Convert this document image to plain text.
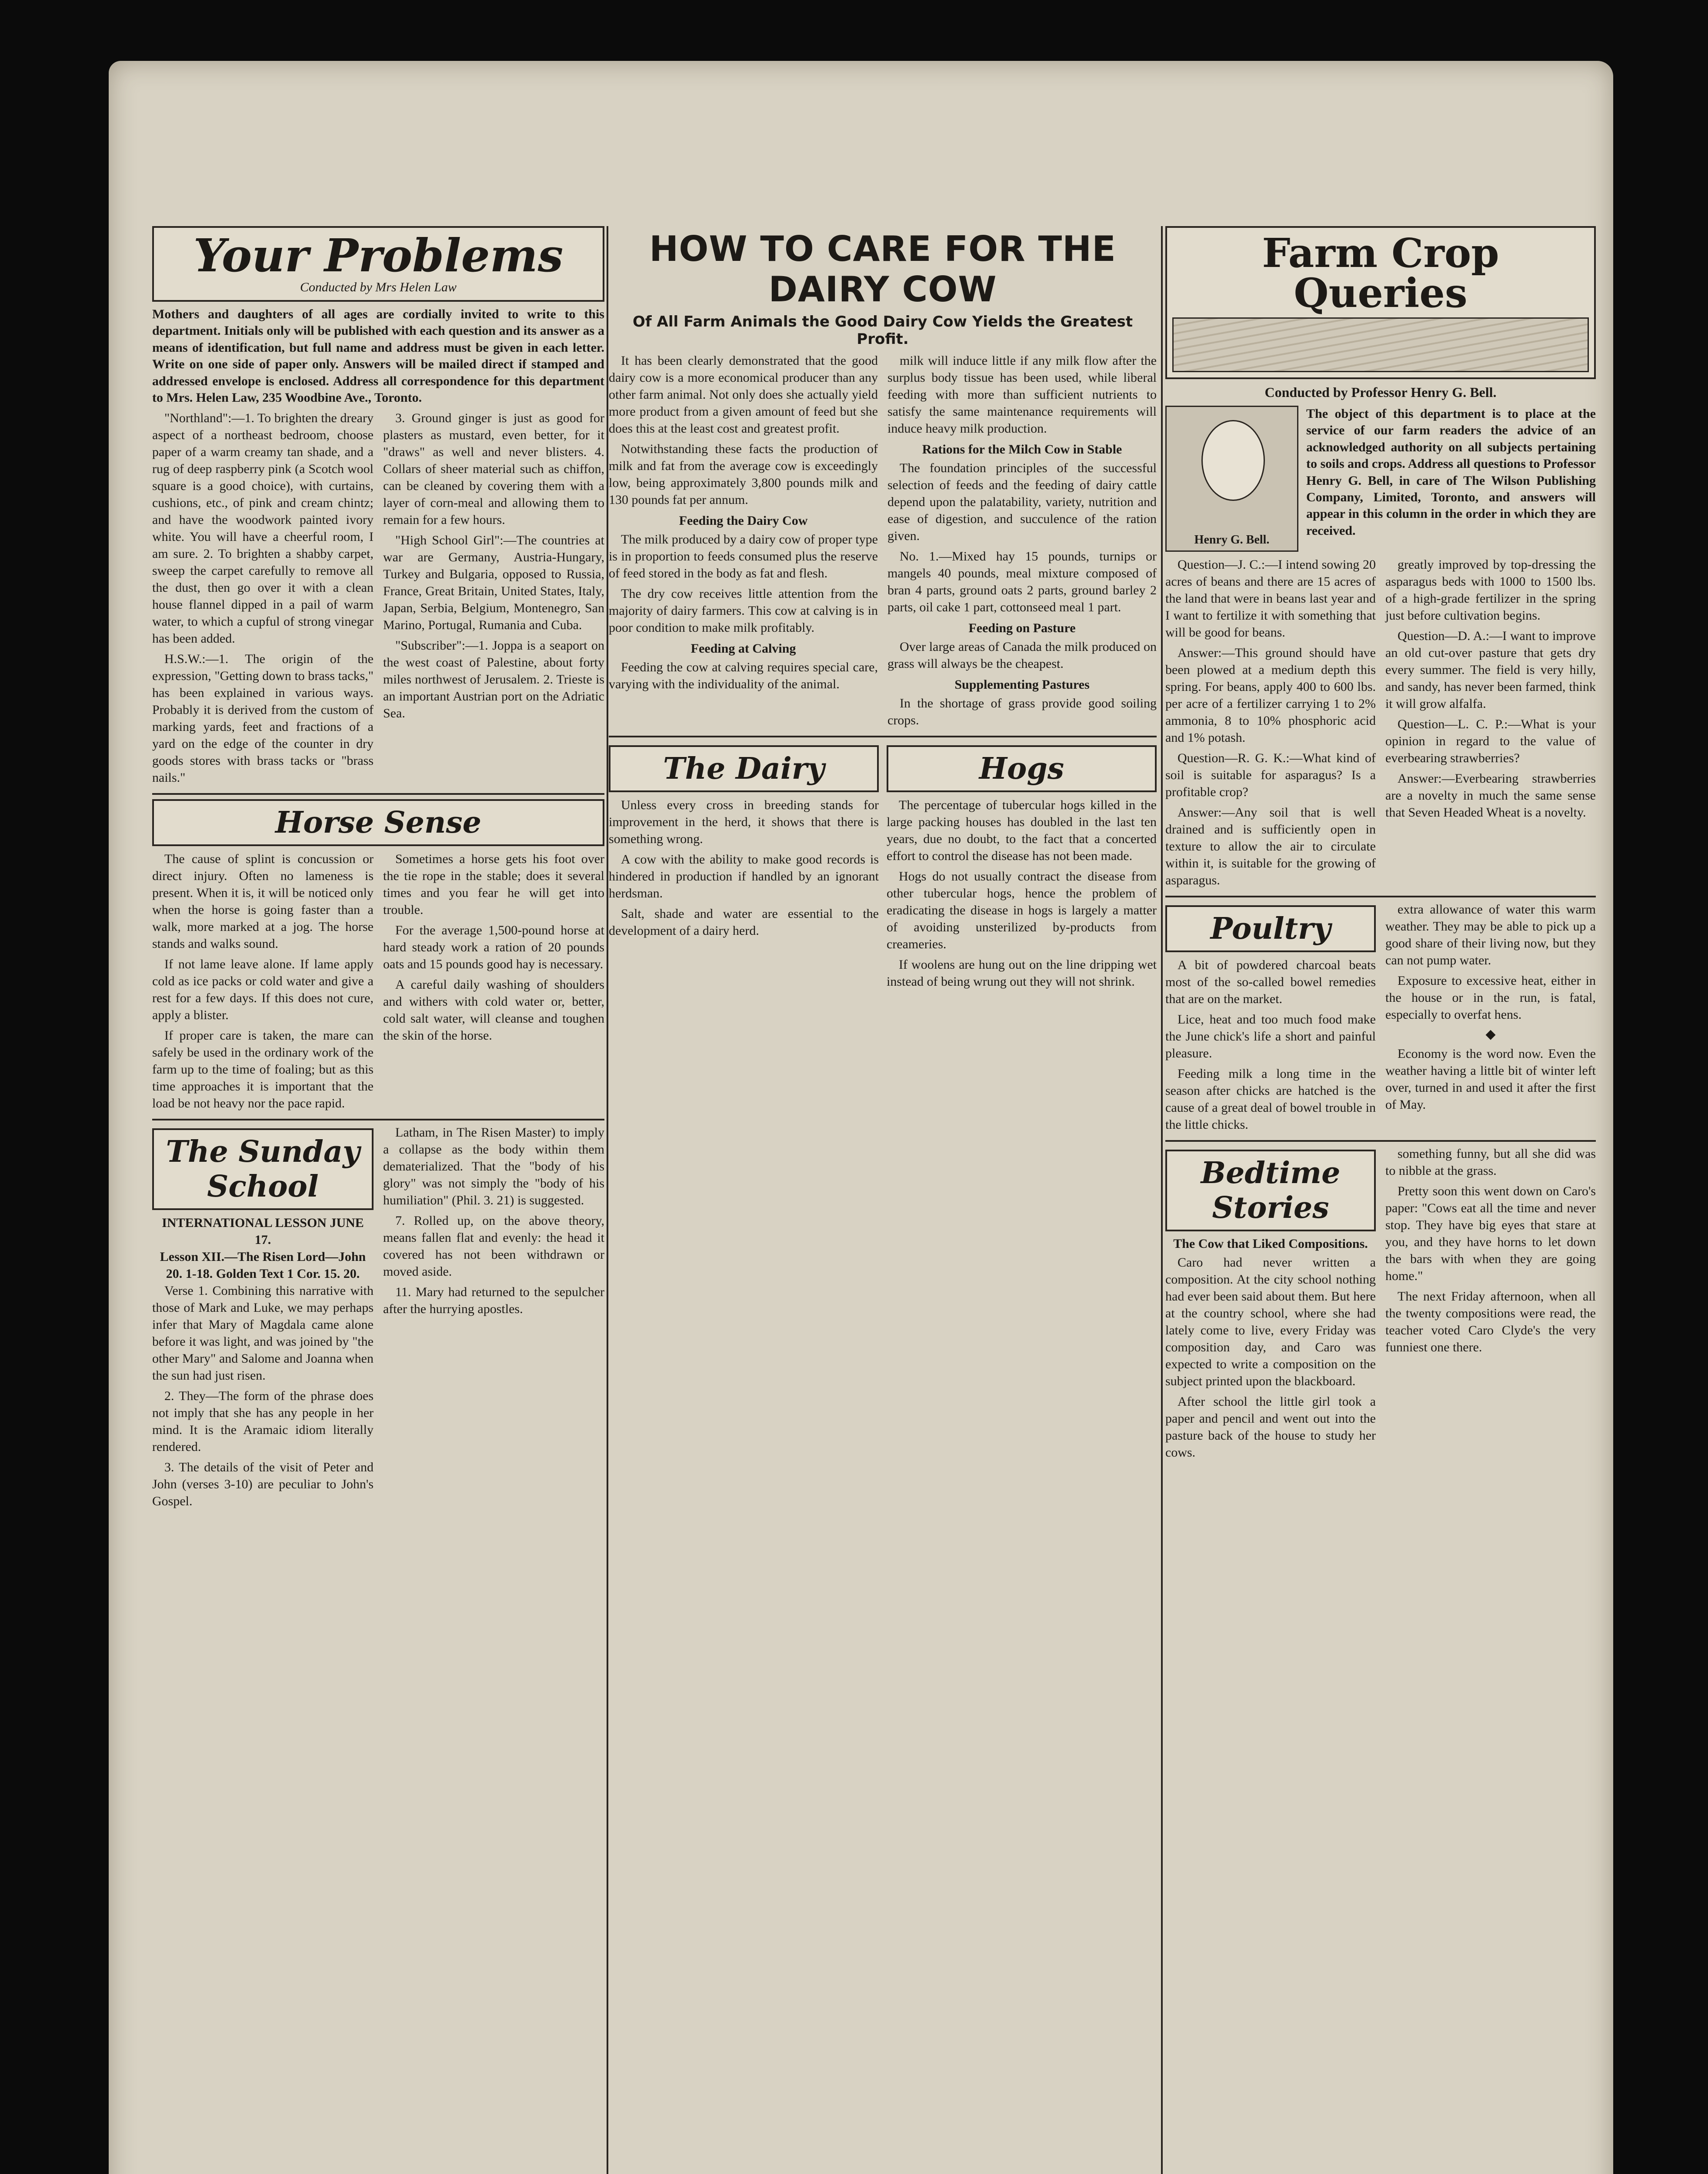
Your Problems
Conducted by Mrs Helen Law

Mothers and daughters of all ages are cordially invited to write to this department. Initials only will be published with each question and its answer as a means of identification, but full name and address must be given in each letter. Write on one side of paper only. Answers will be mailed direct if stamped and addressed envelope is enclosed. Address all correspondence for this department to Mrs. Helen Law, 235 Woodbine Ave., Toronto.

"Northland":—1. To brighten the dreary aspect of a northeast bedroom, choose paper of a warm creamy tan shade, and a rug of deep raspberry pink (a Scotch wool square is a good choice), with curtains, cushions, etc., of pink and cream chintz; and have the woodwork painted ivory white. You will have a cheerful room, I am sure. 2. To brighten a shabby carpet, sweep the carpet carefully to remove all the dust, then go over it with a clean house flannel dipped in a pail of warm water, to which a cupful of strong vinegar has been added.

H.S.W.:—1. The origin of the expression, "Getting down to brass tacks," has been explained in various ways. Probably it is derived from the custom of marking yards, feet and fractions of a yard on the edge of the counter in dry goods stores with brass tacks or "brass nails."

3. Ground ginger is just as good for plasters as mustard, even better, for it "draws" as well and never blisters. 4. Collars of sheer material such as chiffon, can be cleaned by covering them with a layer of corn-meal and allowing them to remain for a few hours.

"High School Girl":—The countries at war are Germany, Austria-Hungary, Turkey and Bulgaria, opposed to Russia, France, Great Britain, United States, Italy, Japan, Serbia, Belgium, Montenegro, San Marino, Portugal, Rumania and Cuba.

"Subscriber":—1. Joppa is a seaport on the west coast of Palestine, about forty miles northwest of Jerusalem. 2. Trieste is an important Austrian port on the Adriatic Sea.

Horse Sense

The cause of splint is concussion or direct injury. Often no lameness is present. When it is, it will be noticed only when the horse is going faster than a walk, more marked at a jog. The horse stands and walks sound.

If not lame leave alone. If lame apply cold as ice packs or cold water and give a rest for a few days. If this does not cure, apply a blister.

If proper care is taken, the mare can safely be used in the ordinary work of the farm up to the time of foaling; but as this time approaches it is important that the load be not heavy nor the pace rapid.

Sometimes a horse gets his foot over the tie rope in the stable; does it several times and you fear he will get into trouble.

For the average 1,500-pound horse at hard steady work a ration of 20 pounds oats and 15 pounds good hay is necessary.

A careful daily washing of shoulders and withers with cold water or, better, cold salt water, will cleanse and toughen the skin of the horse.

The Sunday School
INTERNATIONAL LESSON JUNE 17.
Lesson XII.—The Risen Lord—John 20. 1-18. Golden Text 1 Cor. 15. 20.

Verse 1. Combining this narrative with those of Mark and Luke, we may perhaps infer that Mary of Magdala came alone before it was light, and was joined by "the other Mary" and Salome and Joanna when the sun had just risen.

2. They—The form of the phrase does not imply that she has any people in her mind. It is the Aramaic idiom literally rendered.

3. The details of the visit of Peter and John (verses 3-10) are peculiar to John's Gospel.

Latham, in The Risen Master) to imply a collapse as the body within them dematerialized. That the "body of his glory" was not simply the "body of his humiliation" (Phil. 3. 21) is suggested.

7. Rolled up, on the above theory, means fallen flat and evenly: the head it covered has not been withdrawn or moved aside.

11. Mary had returned to the sepulcher after the hurrying apostles.

HOW TO CARE FOR THE DAIRY COW
Of All Farm Animals the Good Dairy Cow Yields the Greatest Profit.

It has been clearly demonstrated that the good dairy cow is a more economical producer than any other farm animal. Not only does she actually yield more product from a given amount of feed but she does this at the least cost and greatest profit.

Notwithstanding these facts the production of milk and fat from the average cow is exceedingly low, being approximately 3,800 pounds milk and 130 pounds fat per annum.

Feeding the Dairy Cow

The milk produced by a dairy cow of proper type is in proportion to feeds consumed plus the reserve of feed stored in the body as fat and flesh.

The dry cow receives little attention from the majority of dairy farmers. This cow at calving is in poor condition to make milk profitably.

Feeding at Calving

Feeding the cow at calving requires special care, varying with the individuality of the animal.

milk will induce little if any milk flow after the surplus body tissue has been used, while liberal feeding with more than sufficient nutrients to satisfy the same maintenance requirements will induce heavy milk production.

Rations for the Milch Cow in Stable

The foundation principles of the successful selection of feeds and the feeding of dairy cattle depend upon the palatability, variety, nutrition and ease of digestion, and succulence of the ration given.

No. 1.—Mixed hay 15 pounds, turnips or mangels 40 pounds, meal mixture composed of bran 4 parts, ground oats 2 parts, ground barley 2 parts, oil cake 1 part, cottonseed meal 1 part.

Feeding on Pasture

Over large areas of Canada the milk produced on grass will always be the cheapest.

Supplementing Pastures

In the shortage of grass provide good soiling crops.

The Dairy

Unless every cross in breeding stands for improvement in the herd, it shows that there is something wrong.

A cow with the ability to make good records is hindered in production if handled by an ignorant herdsman.

Salt, shade and water are essential to the development of a dairy herd.

Hogs

The percentage of tubercular hogs killed in the large packing houses has doubled in the last ten years, due no doubt, to the fact that a concerted effort to control the disease has not been made.

Hogs do not usually contract the disease from other tubercular hogs, hence the problem of eradicating the disease in hogs is largely a matter of avoiding unsterilized by-products from creameries.

If woolens are hung out on the line dripping wet instead of being wrung out they will not shrink.

Farm Crop Queries
Conducted by Professor Henry G. Bell.
Henry G. Bell.

The object of this department is to place at the service of our farm readers the advice of an acknowledged authority on all subjects pertaining to soils and crops. Address all questions to Professor Henry G. Bell, in care of The Wilson Publishing Company, Limited, Toronto, and answers will appear in this column in the order in which they are received.

Question—J. C.:—I intend sowing 20 acres of beans and there are 15 acres of the land that were in beans last year and I want to fertilize it with something that will be good for beans.

Answer:—This ground should have been plowed at a medium depth this spring. For beans, apply 400 to 600 lbs. per acre of a fertilizer carrying 1 to 2% ammonia, 8 to 10% phosphoric acid and 1% potash.

Question—R. G. K.:—What kind of soil is suitable for asparagus? Is a profitable crop?

Answer:—Any soil that is well drained and is sufficiently open in texture to allow the air to circulate within it, is suitable for the growing of asparagus.

greatly improved by top-dressing the asparagus beds with 1000 to 1500 lbs. of a high-grade fertilizer in the spring just before cultivation begins.

Question—D. A.:—I want to improve an old cut-over pasture that gets dry every summer. The field is very hilly, and sandy, has never been farmed, think it will grow alfalfa.

Question—L. C. P.:—What is your opinion in regard to the value of everbearing strawberries?

Answer:—Everbearing strawberries are a novelty in much the same sense that Seven Headed Wheat is a novelty.

Poultry

A bit of powdered charcoal beats most of the so-called bowel remedies that are on the market.

Lice, heat and too much food make the June chick's life a short and painful pleasure.

Feeding milk a long time in the season after chicks are hatched is the cause of a great deal of bowel trouble in the little chicks.

extra allowance of water this warm weather. They may be able to pick up a good share of their living now, but they can not pump water.

Exposure to excessive heat, either in the house or in the run, is fatal, especially to overfat hens.

◆

Economy is the word now. Even the weather having a little bit of winter left over, turned in and used it after the first of May.

Bedtime Stories
The Cow that Liked Compositions.

Caro had never written a composition. At the city school nothing had ever been said about them. But here at the country school, where she had lately come to live, every Friday was composition day, and Caro was expected to write a composition on the subject printed upon the blackboard.

After school the little girl took a paper and pencil and went out into the pasture back of the house to study her cows.

something funny, but all she did was to nibble at the grass.

Pretty soon this went down on Caro's paper: "Cows eat all the time and never stop. They have big eyes that stare at you, and they have horns to let down the bars with when they are going home."

The next Friday afternoon, when all the twenty compositions were read, the teacher voted Caro Clyde's the very funniest one there.
